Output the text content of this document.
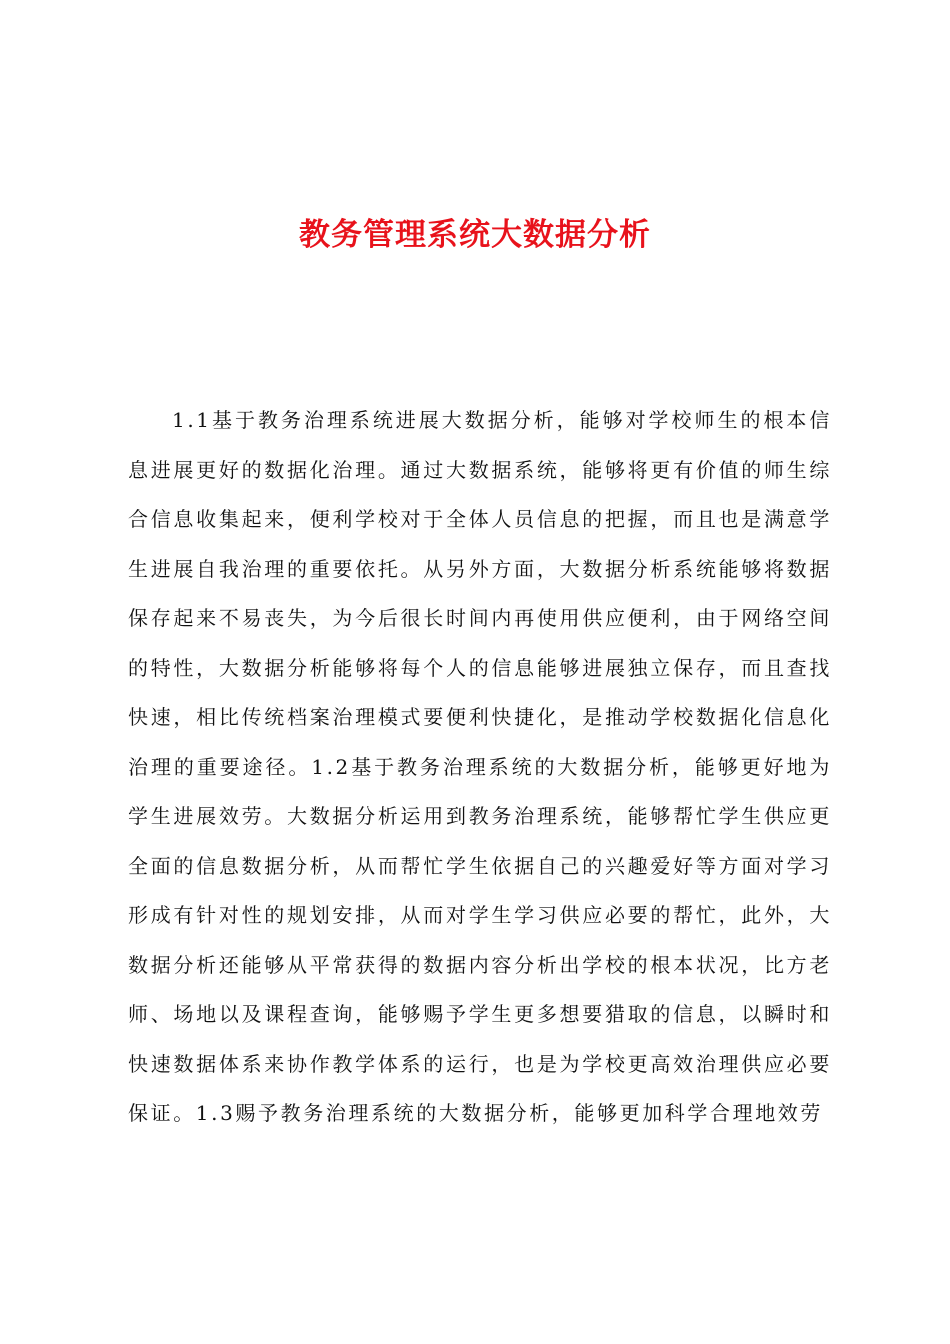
教务管理系统大数据分析

1.1基于教务治理系统进展大数据分析，能够对学校师生的根本信息进展更好的数据化治理。通过大数据系统，能够将更有价值的师生综合信息收集起来，便利学校对于全体人员信息的把握，而且也是满意学生进展自我治理的重要依托。从另外方面，大数据分析系统能够将数据保存起来不易丧失，为今后很长时间内再使用供应便利，由于网络空间的特性，大数据分析能够将每个人的信息能够进展独立保存，而且查找快速，相比传统档案治理模式要便利快捷化，是推动学校数据化信息化治理的重要途径。1.2基于教务治理系统的大数据分析，能够更好地为学生进展效劳。大数据分析运用到教务治理系统，能够帮忙学生供应更全面的信息数据分析，从而帮忙学生依据自己的兴趣爱好等方面对学习形成有针对性的规划安排，从而对学生学习供应必要的帮忙，此外，大数据分析还能够从平常获得的数据内容分析出学校的根本状况，比方老师、场地以及课程查询，能够赐予学生更多想要猎取的信息，以瞬时和快速数据体系来协作教学体系的运行，也是为学校更高效治理供应必要保证。1.3赐予教务治理系统的大数据分析，能够更加科学合理地效劳
